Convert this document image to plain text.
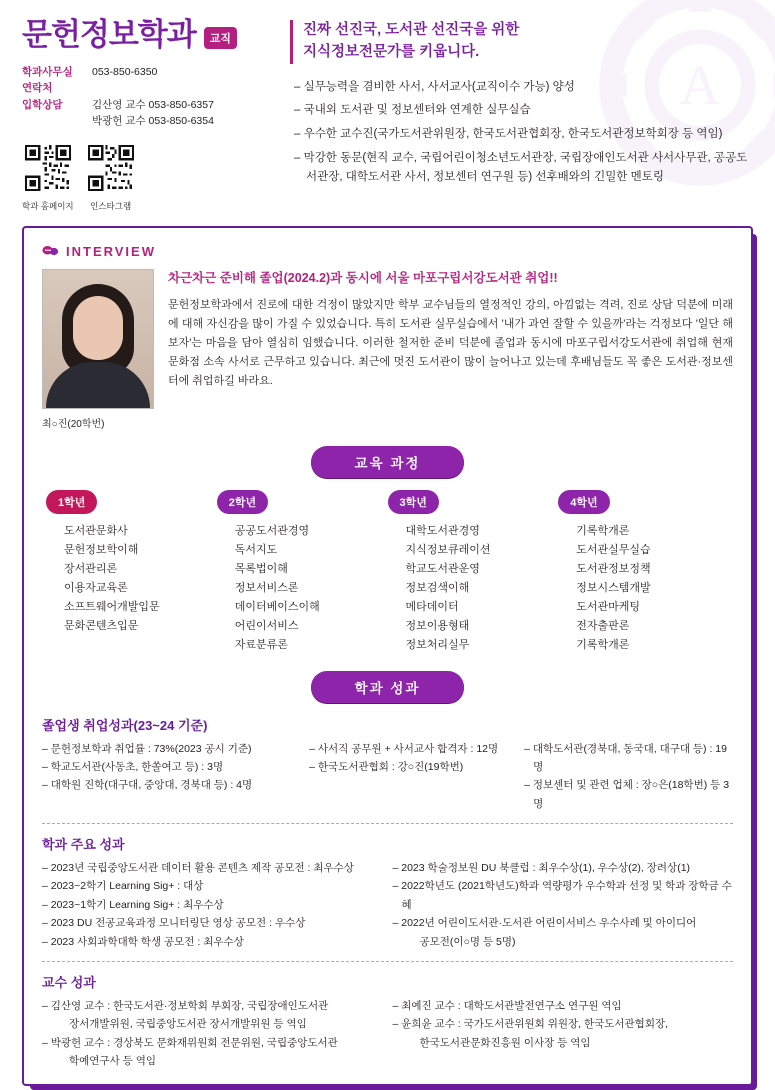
A
문헌정보학과	교직
학과사무실 연락처
053-850-6350
입학상담	김산영 교수 053-850-6357
박광헌 교수 053-850-6354
학과 홈페이지 인스타그램
진짜 선진국, 도서관 선진국을 위한
지식정보전문가를 키웁니다.
– 실무능력을 겸비한 사서, 사서교사(교직이수 가능) 양성
– 국내외 도서관 및 정보센터와 연계한 실무실습
– 우수한 교수진(국가도서관위원장, 한국도서관협회장, 한국도서관정보학회장 등 역임)
– 막강한 동문(현직 교수, 국립어린이청소년도서관장, 국립장애인도서관 사서사무관, 공공도서관장, 대학도서관 사서, 정보센터 연구원 등) 선후배와의 긴밀한 멘토링
INTERVIEW
최○진(20학번)
차근차근 준비해 졸업(2024.2)과 동시에 서울 마포구립서강도서관 취업!!
문헌정보학과에서 진로에 대한 걱정이 많았지만 학부 교수님들의 열정적인 강의, 아낌없는 격려, 진로 상담 덕분에 미래에 대해 자신감을 많이 가질 수 있었습니다. 특히 도서관 실무실습에서 '내가 과연 잘할 수 있을까'라는 걱정보다 '일단 해보자'는 마음을 담아 열심히 임했습니다. 이러한 철저한 준비 덕분에 졸업과 동시에 마포구립서강도서관에 취업해 현재 문화점 소속 사서로 근무하고 있습니다. 최근에 멋진 도서관이 많이 늘어나고 있는데 후배님들도 꼭 좋은 도서관·정보센터에 취업하길 바라요.
교육 과정
1학년
도서관문화사
문헌정보학이해
장서관리론
이용자교육론
소프트웨어개발입문
문화콘텐츠입문
2학년
공공도서관경영
독서지도
목록법이해
정보서비스론
데이터베이스이해
어린이서비스
자료분류론
3학년
대학도서관경영
지식정보큐레이션
학교도서관운영
정보검색이해
메타데이터
정보이용형태
정보처리실무
4학년
기록학개론
도서관실무실습
도서관정보정책
정보시스템개발
도서관마케팅
전자출판론
기록학개론
학과 성과
졸업생 취업성과(23~24 기준)
– 문헌정보학과 취업률 : 73%(2023 공시 기준)
– 학교도서관(사동초, 한쏠여고 등) : 3명
– 대학원 진학(대구대, 중앙대, 경북대 등) : 4명
– 사서직 공무원 + 사서교사 합격자 : 12명
– 한국도서관협회 : 강○진(19학번)
– 대학도서관(경북대, 동국대, 대구대 등) : 19명
– 정보센터 및 관련 업체 : 장○은(18학번) 등 3명
학과 주요 성과
– 2023년 국립중앙도서관 데이터 활용 콘텐츠 제작 공모전 : 최우수상
– 2023~2학기 Learning Sig+ : 대상
– 2023~1학기 Learning Sig+ : 최우수상
– 2023 DU 전공교육과정 모니터링단 영상 공모전 : 우수상
– 2023 사회과학대학 학생 공모전 : 최우수상
– 2023 학술정보원 DU 북클럽 : 최우수상(1), 우수상(2), 장려상(1)
– 2022학년도 (2021학년도)학과 역량평가 우수학과 선정 및 학과 장학금 수혜
– 2022년 어린이도서관·도서관 어린이서비스 우수사례 및 아이디어
공모전(이○명 등 5명)
교수 성과
– 김산영 교수 : 한국도서관·정보학회 부회장, 국립장애인도서관
장서개발위원, 국립중앙도서관 장서개발위원 등 역임
– 박광헌 교수 : 경상북도 문화재위원회 전문위원, 국립중앙도서관
학예연구사 등 역임
– 최예진 교수 : 대학도서관발전연구소 연구원 역임
– 윤희윤 교수 : 국가도서관위원회 위원장, 한국도서관협회장,
한국도서관문화진흥원 이사장 등 역임
